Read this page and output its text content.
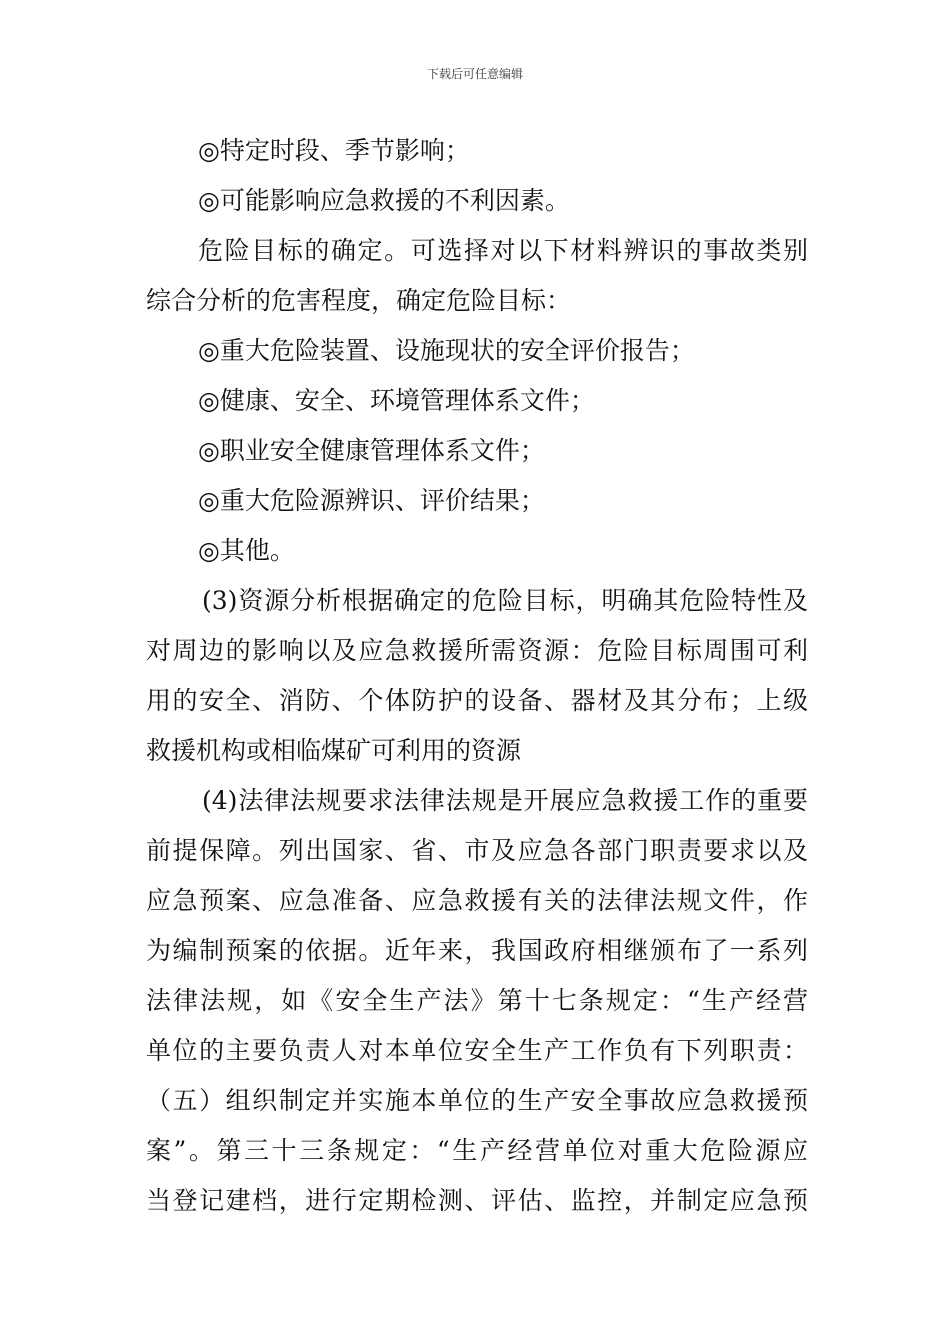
下载后可任意编辑
◎特定时段、季节影响；
◎可能影响应急救援的不利因素。
危险目标的确定。可选择对以下材料辨识的事故类别
综合分析的危害程度，确定危险目标：
◎重大危险装置、设施现状的安全评价报告；
◎健康、安全、环境管理体系文件；
◎职业安全健康管理体系文件；
◎重大危险源辨识、评价结果；
◎其他。
(3)资源分析根据确定的危险目标，明确其危险特性及
对周边的影响以及应急救援所需资源：危险目标周围可利
用的安全、消防、个体防护的设备、器材及其分布；上级
救援机构或相临煤矿可利用的资源
(4)法律法规要求法律法规是开展应急救援工作的重要
前提保障。列出国家、省、市及应急各部门职责要求以及
应急预案、应急准备、应急救援有关的法律法规文件，作
为编制预案的依据。近年来，我国政府相继颁布了一系列
法律法规，如《安全生产法》第十七条规定：“生产经营
单位的主要负责人对本单位安全生产工作负有下列职责：
（五）组织制定并实施本单位的生产安全事故应急救援预
案”。第三十三条规定：“生产经营单位对重大危险源应
当登记建档，进行定期检测、评估、监控，并制定应急预
